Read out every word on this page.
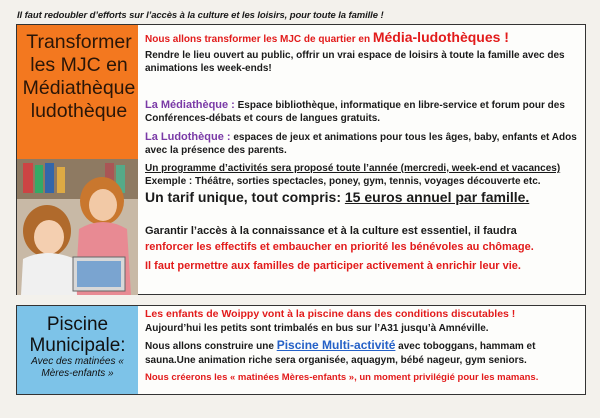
Il faut redoubler d’efforts sur l’accès à la culture et les loisirs, pour toute la famille !
Transformer les MJC en Médiathèque ludothèque
Nous allons transformer les MJC de quartier en Média-ludothèques !
Rendre le lieu ouvert au public, offrir un vrai espace de loisirs à toute la famille avec des animations les week-ends!
La Médiathèque : Espace bibliothèque, informatique en libre-service et forum pour des Conférences-débats et cours de langues gratuits.
La Ludothèque : espaces de jeux et animations pour tous les âges, baby, enfants et Ados avec la présence des parents.
Un programme d’activités sera proposé toute l’année (mercredi, week-end et vacances)
Exemple : Théâtre, sorties spectacles, poney, gym, tennis, voyages découverte etc.
Un tarif unique, tout compris: 15 euros annuel par famille.
Garantir l’accès à la connaissance et à la culture est essentiel, il faudra
renforcer les effectifs et embaucher en priorité les bénévoles au chômage.
Il faut permettre aux familles de participer activement à enrichir leur vie.
Piscine Municipale:
Avec des matinées « Mères-enfants »
Les enfants de Woippy vont à la piscine dans des conditions discutables !
Aujourd’hui les petits sont trimbalés en bus sur l’A31 jusqu’à Amnéville.
Nous allons construire une Piscine Multi-activité avec toboggans, hammam et sauna.Une animation riche sera organisée, aquagym, bébé nageur, gym seniors.
Nous créerons les « matinées Mères-enfants », un moment privilégié pour les mamans.
